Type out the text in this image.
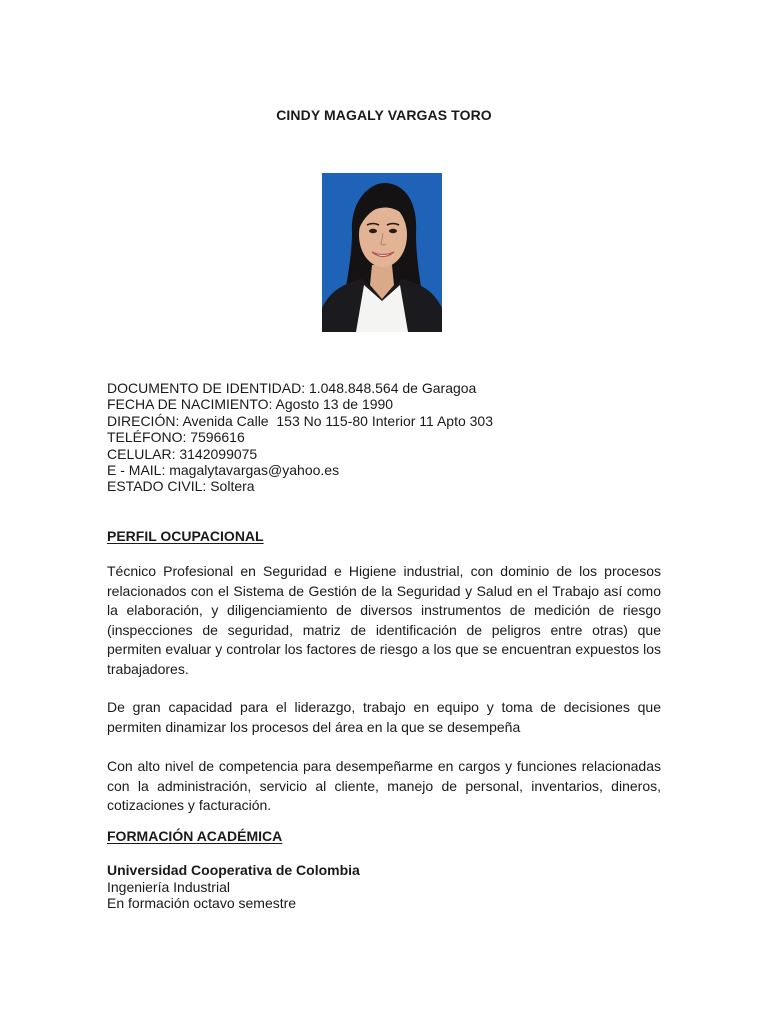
CINDY MAGALY VARGAS TORO
DOCUMENTO DE IDENTIDAD: 1.048.848.564 de Garagoa
FECHA DE NACIMIENTO: Agosto 13 de 1990
DIRECIÓN: Avenida Calle  153 No 115-80 Interior 11 Apto 303
TELÉFONO: 7596616
CELULAR: 3142099075
E - MAIL: magalytavargas@yahoo.es
ESTADO CIVIL: Soltera
PERFIL OCUPACIONAL
Técnico Profesional en Seguridad e Higiene industrial, con dominio de los procesos relacionados con el Sistema de Gestión de la Seguridad y Salud en el Trabajo así como la elaboración, y diligenciamiento de diversos instrumentos de medición de riesgo (inspecciones de seguridad, matriz de identificación de peligros entre otras) que permiten evaluar y controlar los factores de riesgo a los que se encuentran expuestos los trabajadores.
De gran capacidad para el liderazgo, trabajo en equipo y toma de decisiones que permiten dinamizar los procesos del área en la que se desempeña
Con alto nivel de competencia para desempeñarme en cargos y funciones relacionadas con la administración, servicio al cliente, manejo de personal, inventarios, dineros, cotizaciones y facturación.
FORMACIÓN ACADÉMICA
Universidad Cooperativa de Colombia
Ingeniería Industrial
En formación octavo semestre
